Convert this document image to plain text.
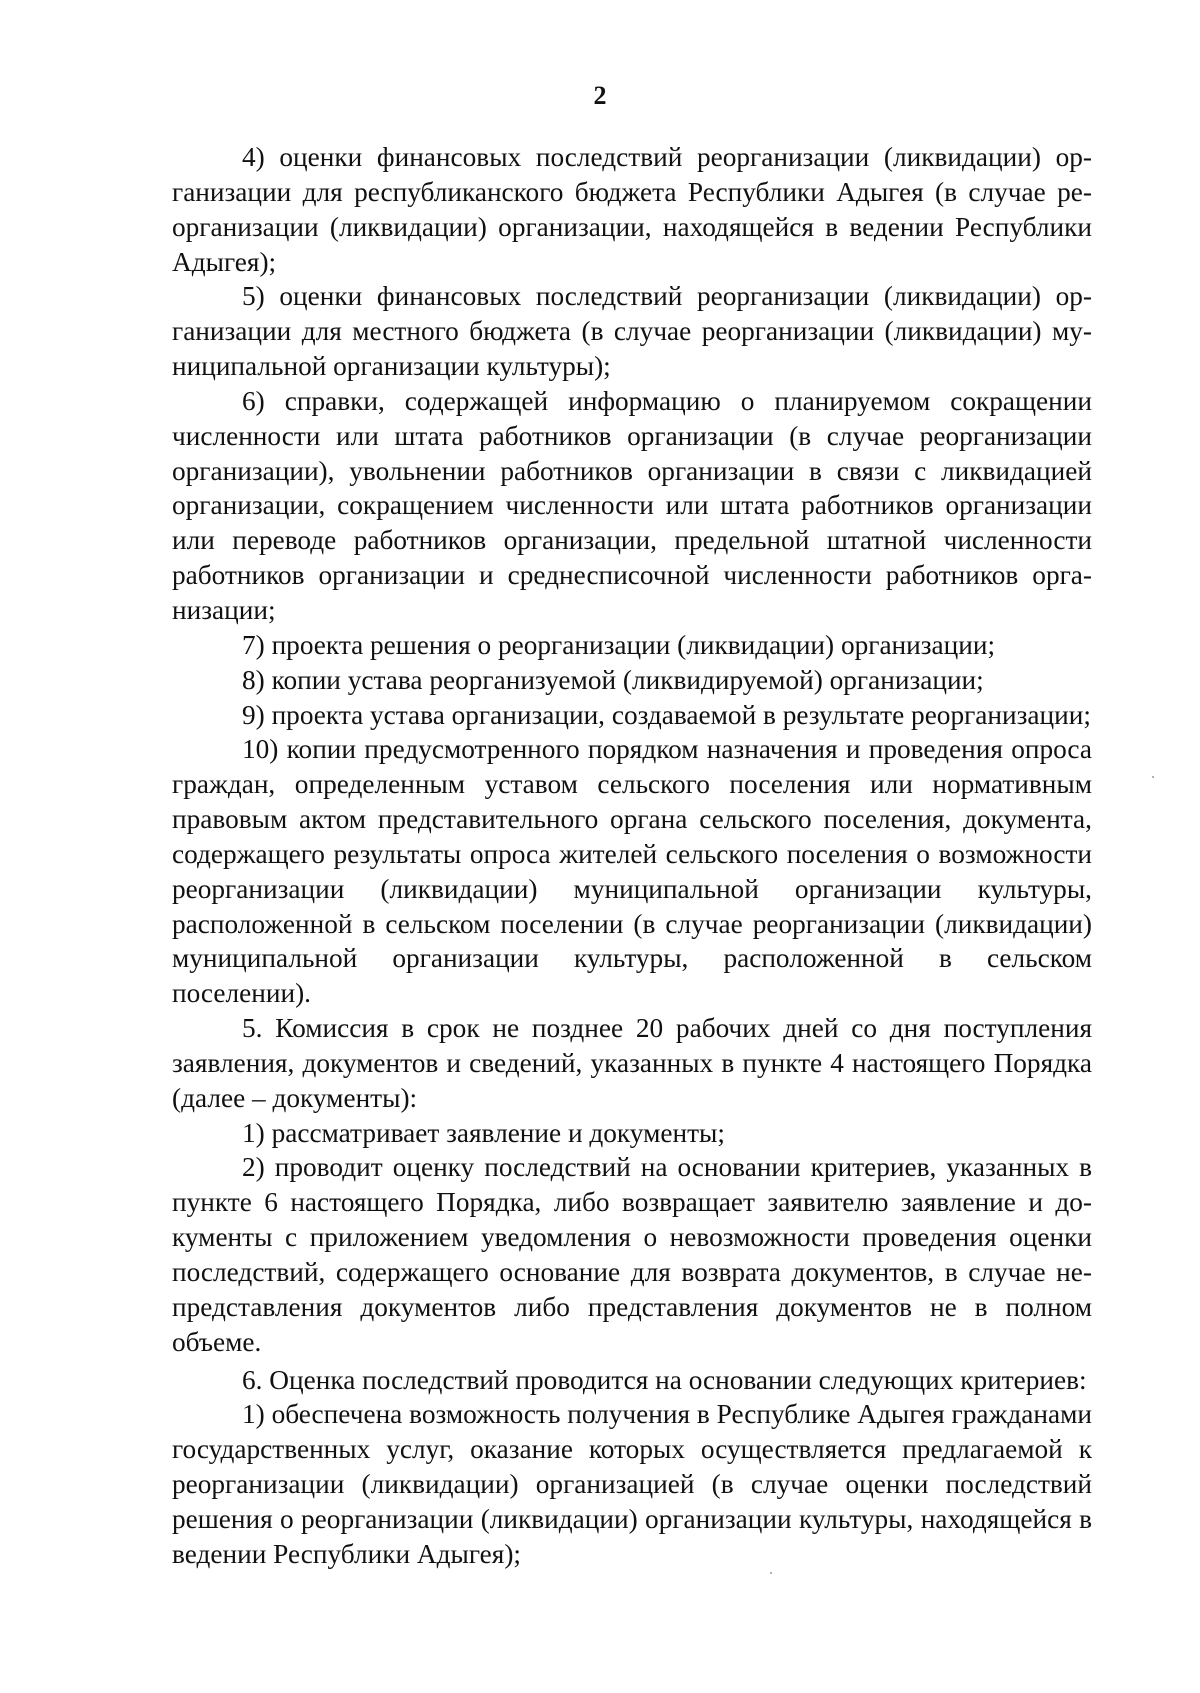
2

4) оценки финансовых последствий реорганизации (ликвидации) организации для республиканского бюджета Республики Адыгея (в случае реорганизации (ликвидации) организации, находящейся в ведении Республики Адыгея);

5) оценки финансовых последствий реорганизации (ликвидации) организации для местного бюджета (в случае реорганизации (ликвидации) муниципальной организации культуры);

6) справки, содержащей информацию о планируемом сокращении численности или штата работников организации (в случае реорганизации организации), увольнении работников организации в связи с ликвидацией организации, сокращением численности или штата работников организации или переводе работников организации, предельной штатной численности работников организации и среднесписочной численности работников организации;

7) проекта решения о реорганизации (ликвидации) организации;

8) копии устава реорганизуемой (ликвидируемой) организации;

9) проекта устава организации, создаваемой в результате реорганизации;

10) копии предусмотренного порядком назначения и проведения опроса граждан, определенным уставом сельского поселения или нормативным правовым актом представительного органа сельского поселения, документа, содержащего результаты опроса жителей сельского поселения о возможности реорганизации (ликвидации) муниципальной организации культуры, расположенной в сельском поселении (в случае реорганизации (ликвидации) муниципальной организации культуры, расположенной в сельском поселении).

5. Комиссия в срок не позднее 20 рабочих дней со дня поступления заявления, документов и сведений, указанных в пункте 4 настоящего Порядка (далее – документы):

1) рассматривает заявление и документы;

2) проводит оценку последствий на основании критериев, указанных в пункте 6 настоящего Порядка, либо возвращает заявителю заявление и документы с приложением уведомления о невозможности проведения оценки последствий, содержащего основание для возврата документов, в случае непредставления документов либо представления документов не в полном объеме.

6. Оценка последствий проводится на основании следующих критериев:

1) обеспечена возможность получения в Республике Адыгея гражданами государственных услуг, оказание которых осуществляется предлагаемой к реорганизации (ликвидации) организацией (в случае оценки последствий решения о реорганизации (ликвидации) организации культуры, находящейся в ведении Республики Адыгея);
